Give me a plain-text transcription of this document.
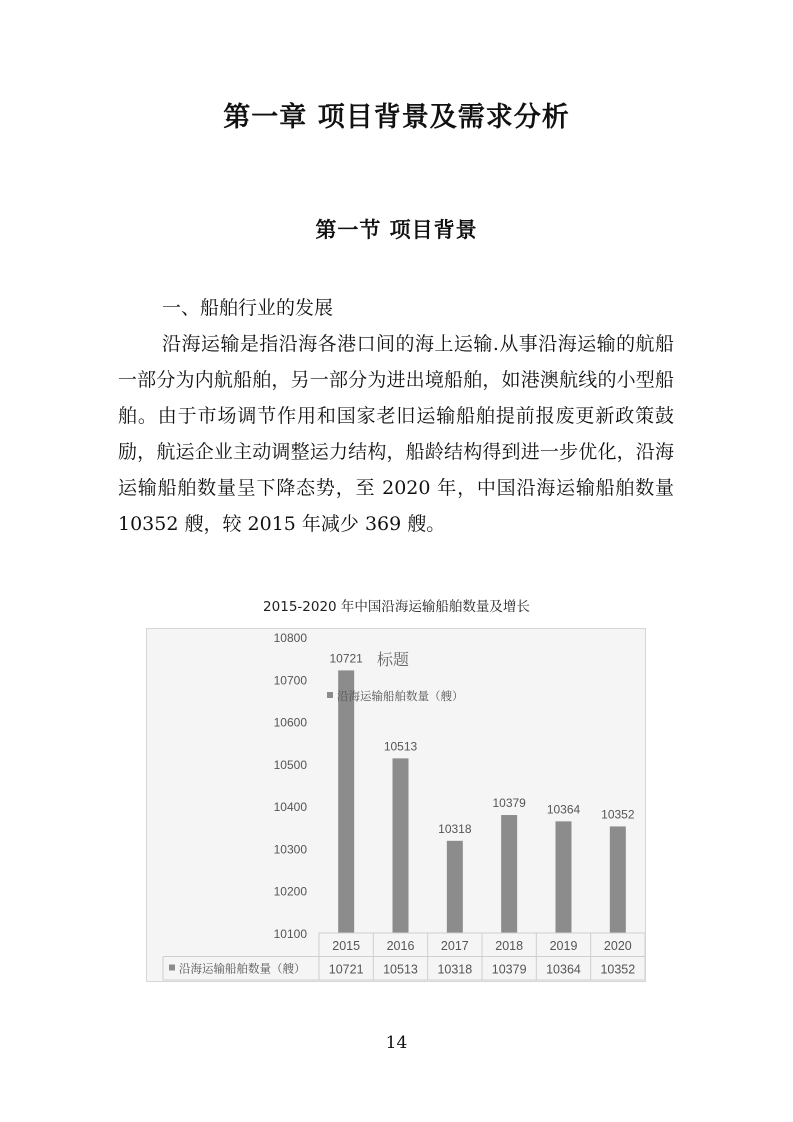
第一章 项目背景及需求分析
第一节 项目背景
一、船舶行业的发展
沿海运输是指沿海各港口间的海上运输.从事沿海运输的航船一部分为内航船舶，另一部分为进出境船舶，如港澳航线的小型船舶。由于市场调节作用和国家老旧运输船舶提前报废更新政策鼓励，航运企业主动调整运力结构，船龄结构得到进一步优化，沿海运输船舶数量呈下降态势，至 2020 年，中国沿海运输船舶数量 10352 艘，较 2015 年减少 369 艘。
2015-2020 年中国沿海运输船舶数量及增长
10800
10700
10600
10500
10400
10300
10200
10100
10721
10513
10318
10379 10364 10352
标题
沿海运输船舶数量（艘）
2015 2016 2017 2018 2019 2020
沿海运输船舶数量（艘） 10721 10513 10318 10379 10364 10352
14
